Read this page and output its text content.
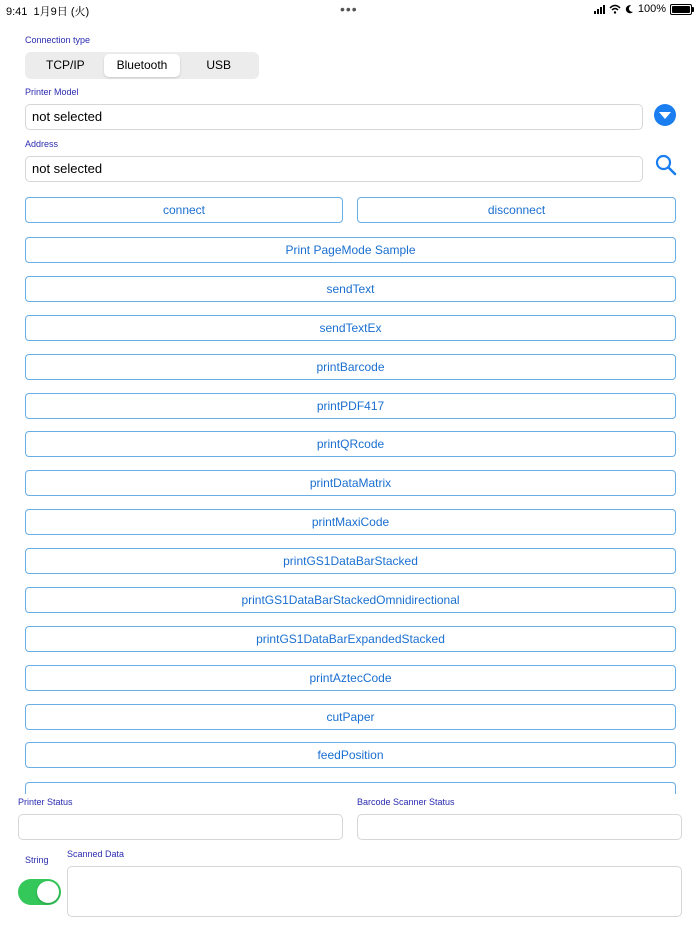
9:41 1月9日 (火)	•••	100%
Connection type
TCP/IP	Bluetooth	USB
Printer Model
not selected
Address
not selected
connect	disconnect
Print PageMode Sample
sendText
sendTextEx
printBarcode
printPDF417
printQRcode
printDataMatrix
printMaxiCode
printGS1DataBarStacked
printGS1DataBarStackedOmnidirectional
printGS1DataBarExpandedStacked
printAztecCode
cutPaper
feedPosition
Printer Status	Barcode Scanner Status
String
Scanned Data
